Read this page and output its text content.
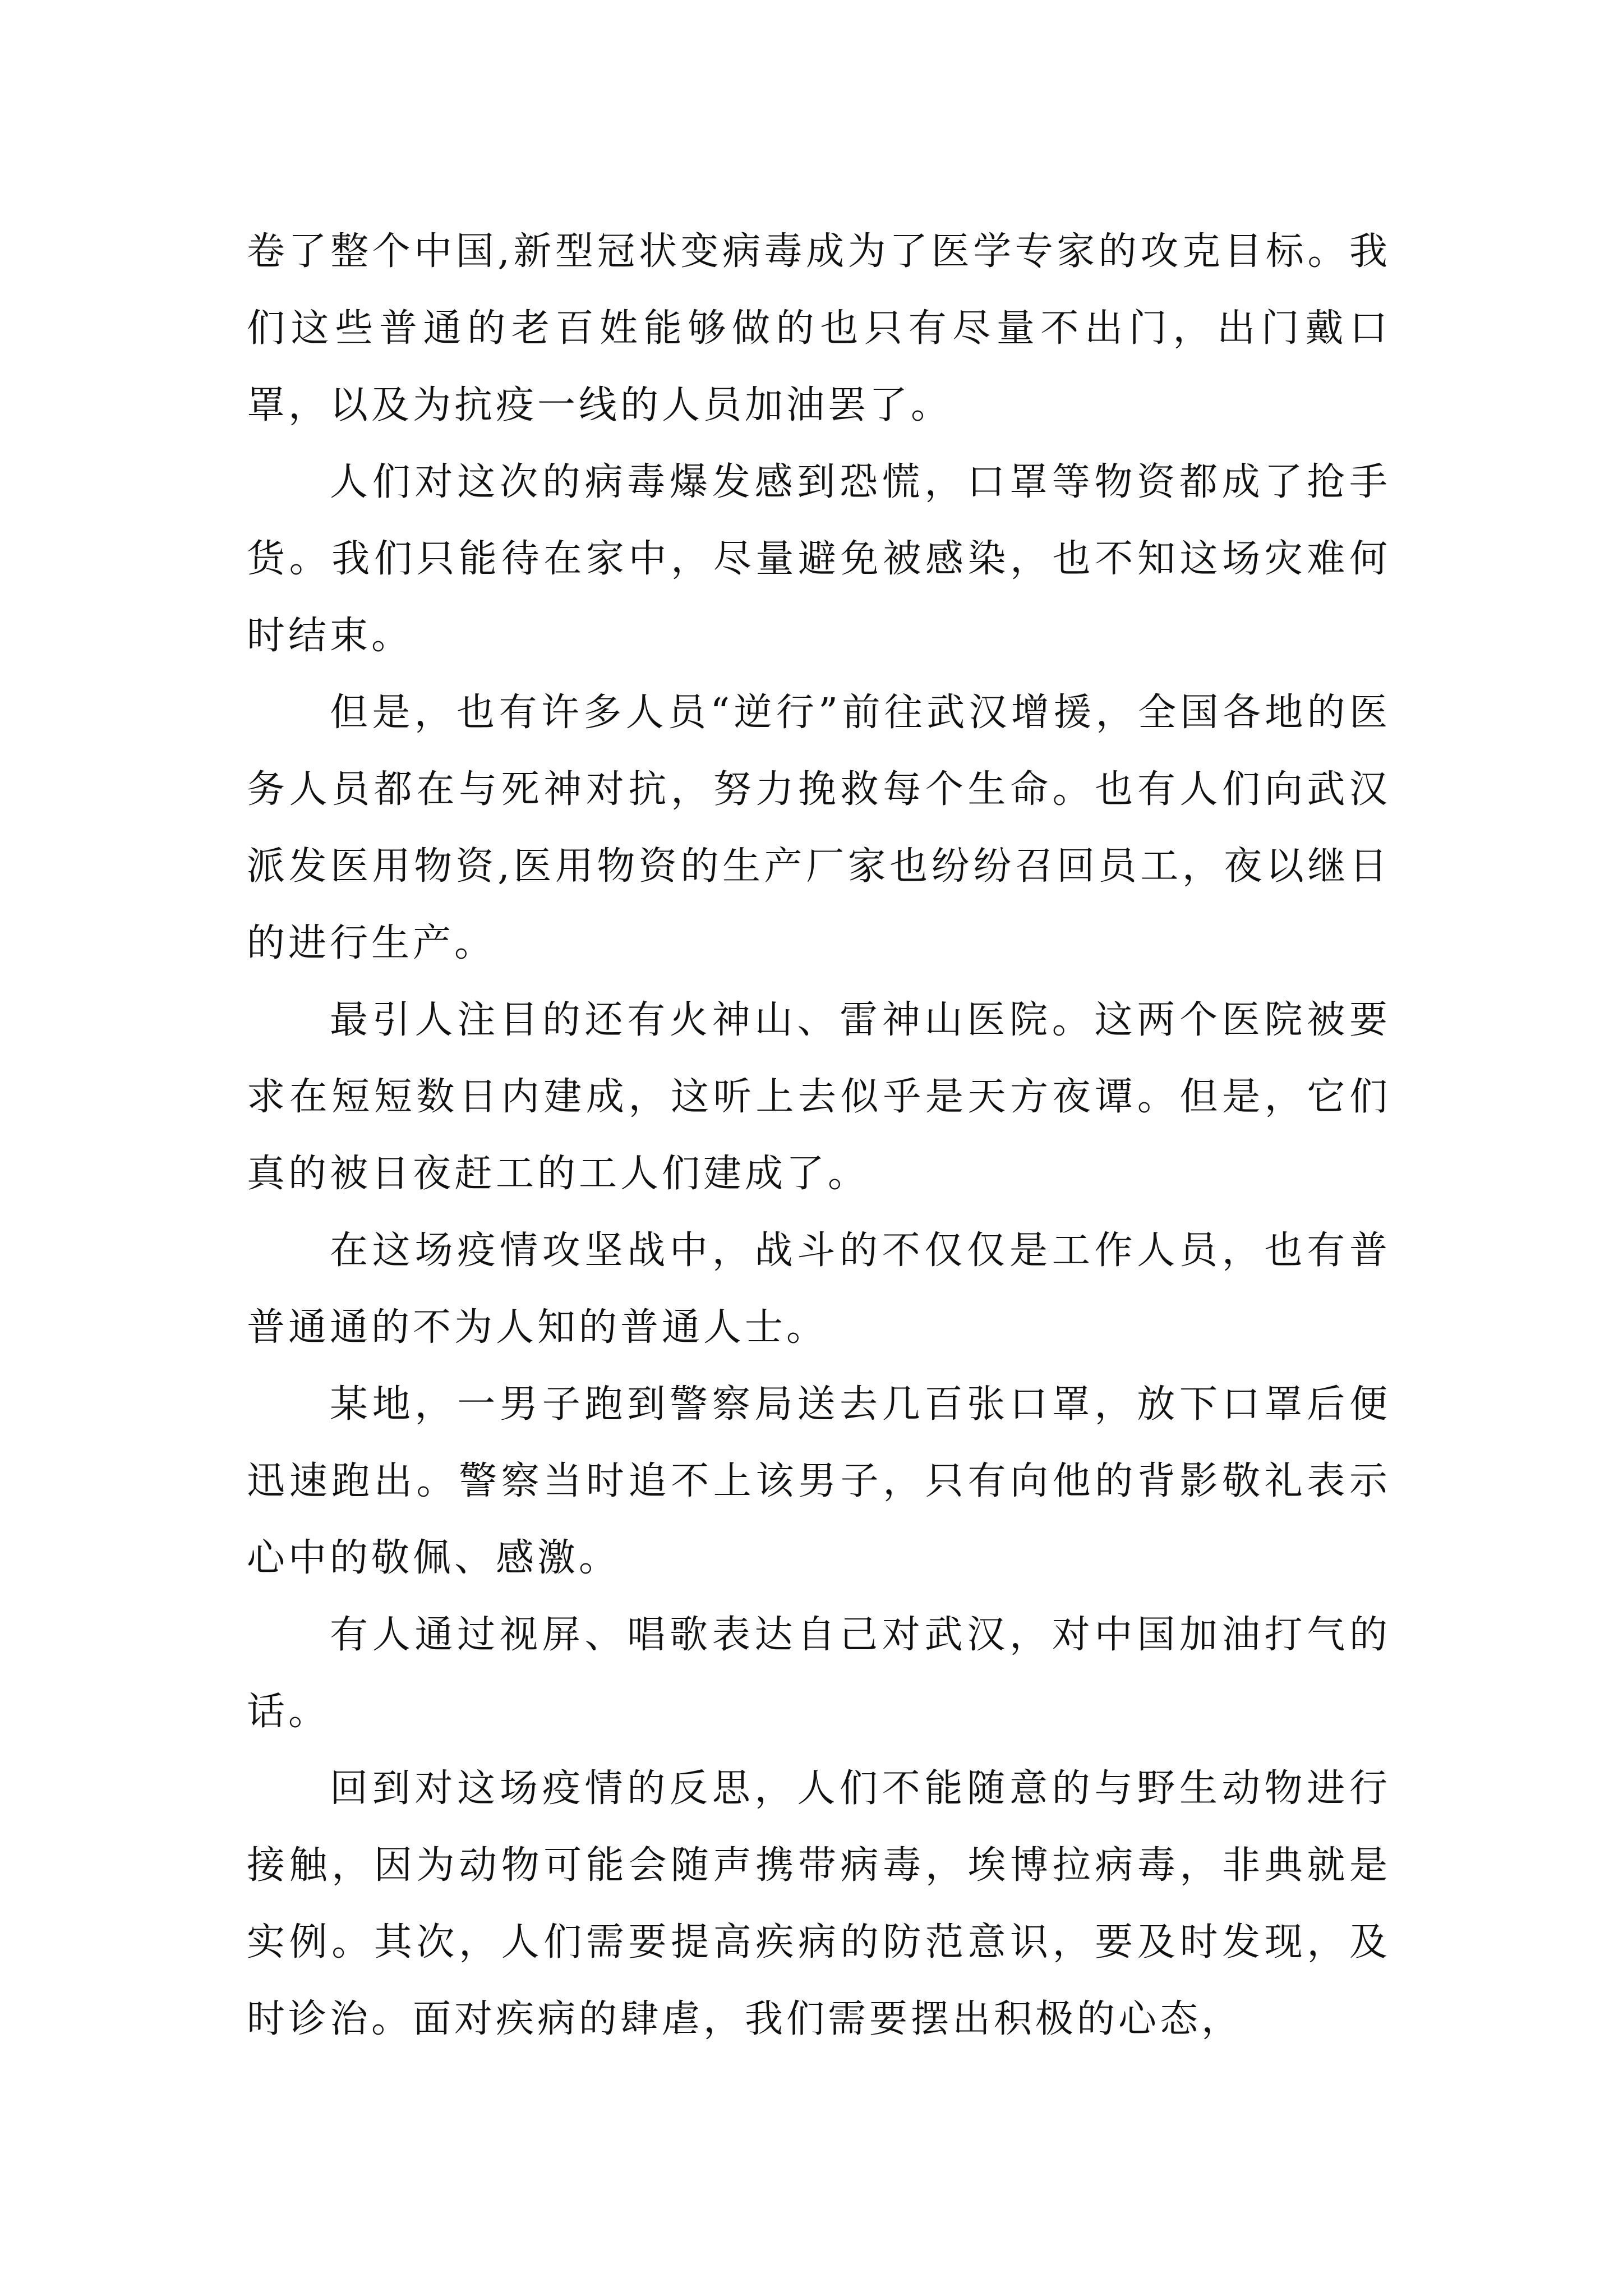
卷了整个中国,新型冠状变病毒成为了医学专家的攻克目标。我们这些普通的老百姓能够做的也只有尽量不出门，出门戴口罩，以及为抗疫一线的人员加油罢了。

人们对这次的病毒爆发感到恐慌，口罩等物资都成了抢手货。我们只能待在家中，尽量避免被感染，也不知这场灾难何时结束。

但是，也有许多人员“逆行”前往武汉增援，全国各地的医务人员都在与死神对抗，努力挽救每个生命。也有人们向武汉派发医用物资,医用物资的生产厂家也纷纷召回员工，夜以继日的进行生产。

最引人注目的还有火神山、雷神山医院。这两个医院被要求在短短数日内建成，这听上去似乎是天方夜谭。但是，它们真的被日夜赶工的工人们建成了。

在这场疫情攻坚战中，战斗的不仅仅是工作人员，也有普普通通的不为人知的普通人士。

某地，一男子跑到警察局送去几百张口罩，放下口罩后便迅速跑出。警察当时追不上该男子，只有向他的背影敬礼表示心中的敬佩、感激。

有人通过视屏、唱歌表达自己对武汉，对中国加油打气的话。

回到对这场疫情的反思，人们不能随意的与野生动物进行接触，因为动物可能会随声携带病毒，埃博拉病毒，非典就是实例。其次，人们需要提高疾病的防范意识，要及时发现，及时诊治。面对疾病的肆虐，我们需要摆出积极的心态，
